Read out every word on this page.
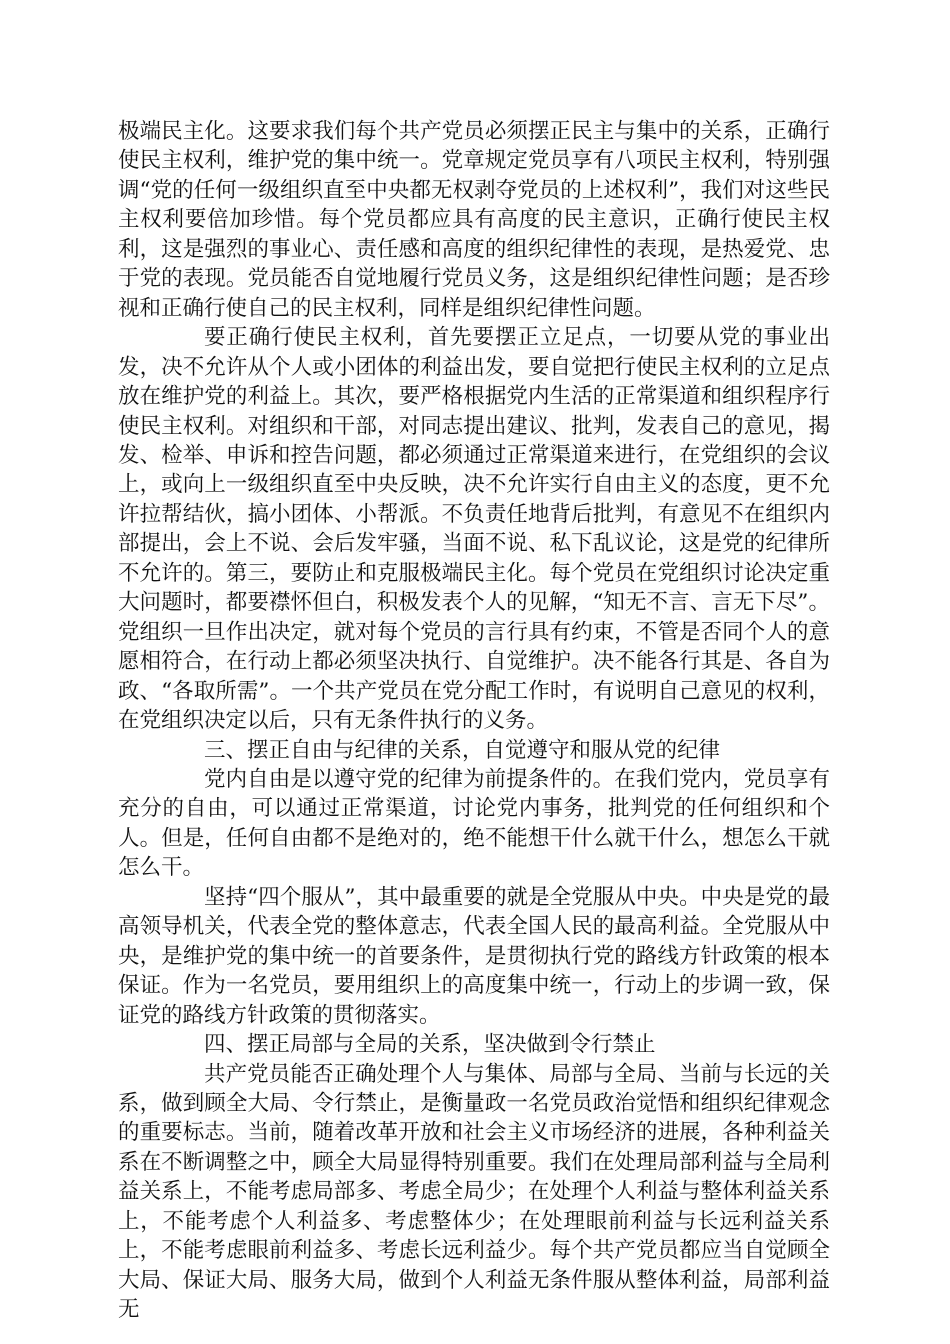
极端民主化。这要求我们每个共产党员必须摆正民主与集中的关系，正确行使民主权利，维护党的集中统一。党章规定党员享有八项民主权利，特别强调“党的任何一级组织直至中央都无权剥夺党员的上述权利”，我们对这些民主权利要倍加珍惜。每个党员都应具有高度的民主意识，正确行使民主权利，这是强烈的事业心、责任感和高度的组织纪律性的表现，是热爱党、忠于党的表现。党员能否自觉地履行党员义务，这是组织纪律性问题；是否珍视和正确行使自己的民主权利，同样是组织纪律性问题。

要正确行使民主权利，首先要摆正立足点，一切要从党的事业出发，决不允许从个人或小团体的利益出发，要自觉把行使民主权利的立足点放在维护党的利益上。其次，要严格根据党内生活的正常渠道和组织程序行使民主权利。对组织和干部，对同志提出建议、批判，发表自己的意见，揭发、检举、申诉和控告问题，都必须通过正常渠道来进行，在党组织的会议上，或向上一级组织直至中央反映，决不允许实行自由主义的态度，更不允许拉帮结伙，搞小团体、小帮派。不负责任地背后批判，有意见不在组织内部提出，会上不说、会后发牢骚，当面不说、私下乱议论，这是党的纪律所不允许的。第三，要防止和克服极端民主化。每个党员在党组织讨论决定重大问题时，都要襟怀但白，积极发表个人的见解，“知无不言、言无下尽”。党组织一旦作出决定，就对每个党员的言行具有约束，不管是否同个人的意愿相符合，在行动上都必须坚决执行、自觉维护。决不能各行其是、各自为政、“各取所需”。一个共产党员在党分配工作时，有说明自己意见的权利，在党组织决定以后，只有无条件执行的义务。

三、摆正自由与纪律的关系，自觉遵守和服从党的纪律

党内自由是以遵守党的纪律为前提条件的。在我们党内，党员享有充分的自由，可以通过正常渠道，讨论党内事务，批判党的任何组织和个人。但是，任何自由都不是绝对的，绝不能想干什么就干什么，想怎么干就怎么干。

坚持“四个服从”，其中最重要的就是全党服从中央。中央是党的最高领导机关，代表全党的整体意志，代表全国人民的最高利益。全党服从中央，是维护党的集中统一的首要条件，是贯彻执行党的路线方针政策的根本保证。作为一名党员，要用组织上的高度集中统一，行动上的步调一致，保证党的路线方针政策的贯彻落实。

四、摆正局部与全局的关系，坚决做到令行禁止

共产党员能否正确处理个人与集体、局部与全局、当前与长远的关系，做到顾全大局、令行禁止，是衡量政一名党员政治觉悟和组织纪律观念的重要标志。当前，随着改革开放和社会主义市场经济的进展，各种利益关系在不断调整之中，顾全大局显得特别重要。我们在处理局部利益与全局利益关系上，不能考虑局部多、考虑全局少；在处理个人利益与整体利益关系上，不能考虑个人利益多、考虑整体少；在处理眼前利益与长远利益关系上，不能考虑眼前利益多、考虑长远利益少。每个共产党员都应当自觉顾全大局、保证大局、服务大局，做到个人利益无条件服从整体利益，局部利益无
